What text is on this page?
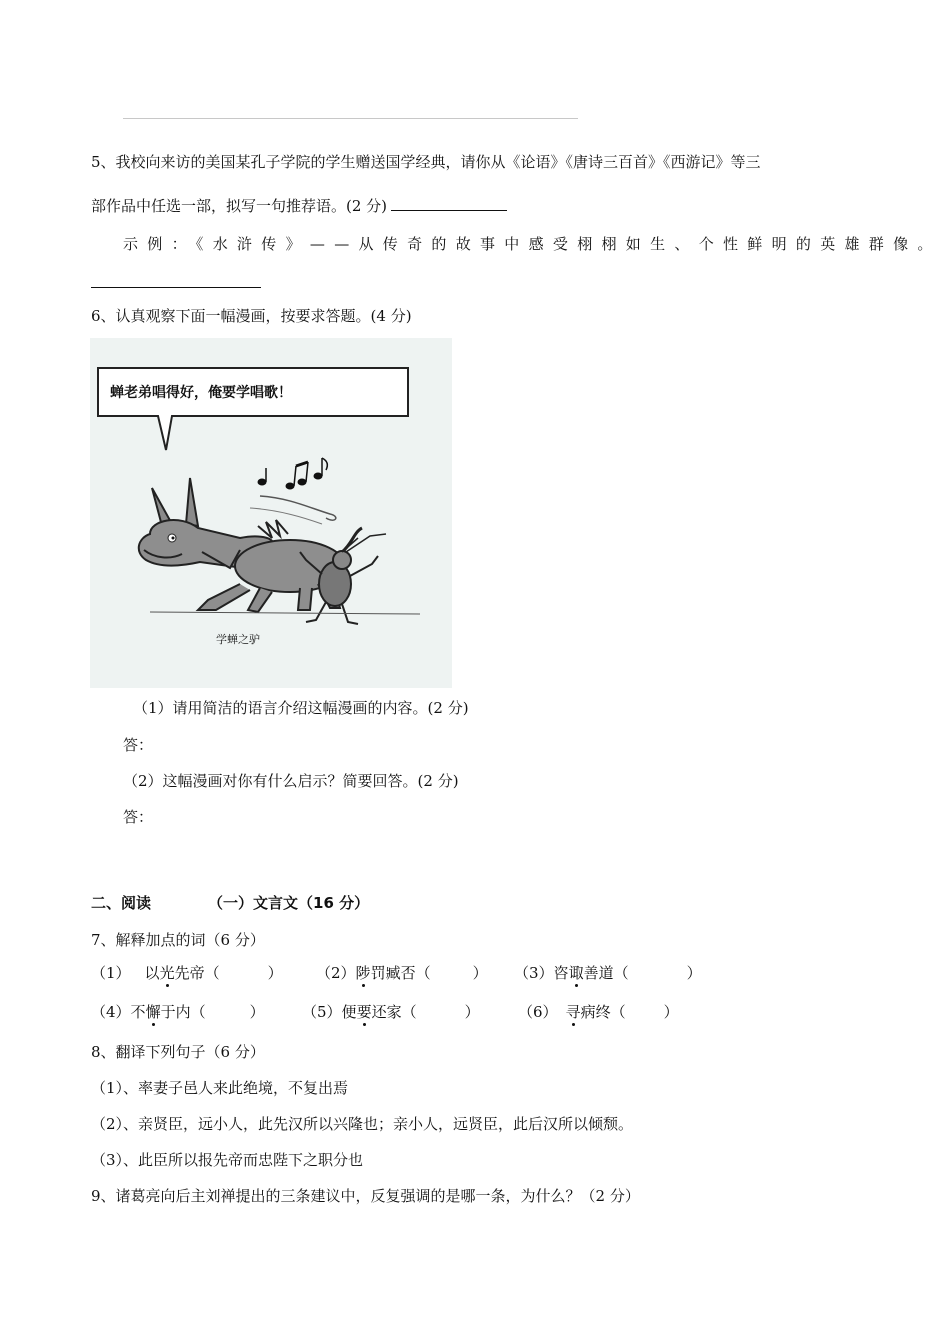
5、我校向来访的美国某孔子学院的学生赠送国学经典，请你从《论语》《唐诗三百首》《西游记》等三
部作品中任选一部，拟写一句推荐语。(2 分)
示例：《水浒传》——从传奇的故事中感受栩栩如生、个性鲜明的英雄群像。
6、认真观察下面一幅漫画，按要求答题。(4 分)
蝉老弟唱得好，俺要学唱歌！
学蝉之驴
（1）请用简洁的语言介绍这幅漫画的内容。(2 分)
答：
（2）这幅漫画对你有什么启示？简要回答。(2 分)
答：
二、阅读	（一）文言文（16 分）
7、解释加点的词（6 分）
（1） 以光先帝（	） （2）陟罚臧否（	） （3）咨诹善道（	）
（4）不懈于内（	） （5）便要还家（	）	（6） 寻病终（	）
8、翻译下列句子（6 分）
（1）、率妻子邑人来此绝境，不复出焉
（2）、亲贤臣，远小人，此先汉所以兴隆也；亲小人，远贤臣，此后汉所以倾颓。
（3）、此臣所以报先帝而忠陛下之职分也
9、诸葛亮向后主刘禅提出的三条建议中，反复强调的是哪一条，为什么？（2 分）
